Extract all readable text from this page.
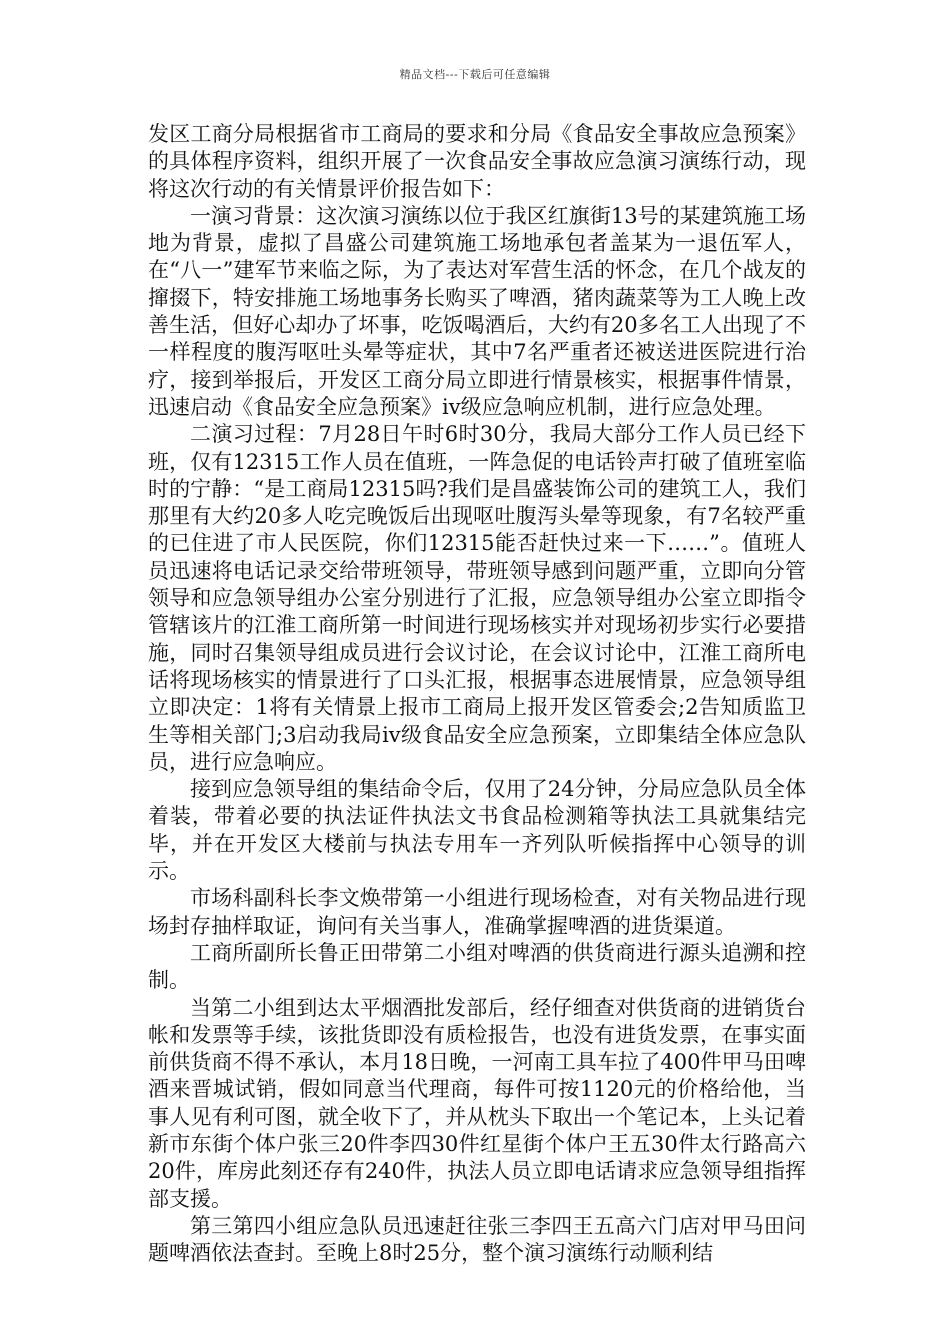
精品文档---下载后可任意编辑

发区工商分局根据省市工商局的要求和分局《食品安全事故应急预案》的具体程序资料，组织开展了一次食品安全事故应急演习演练行动，现将这次行动的有关情景评价报告如下：

一演习背景：这次演习演练以位于我区红旗街13号的某建筑施工场地为背景，虚拟了昌盛公司建筑施工场地承包者盖某为一退伍军人，在“八一”建军节来临之际，为了表达对军营生活的怀念，在几个战友的撺掇下，特安排施工场地事务长购买了啤酒，猪肉蔬菜等为工人晚上改善生活，但好心却办了坏事，吃饭喝酒后，大约有20多名工人出现了不一样程度的腹泻呕吐头晕等症状，其中7名严重者还被送进医院进行治疗，接到举报后，开发区工商分局立即进行情景核实，根据事件情景，迅速启动《食品安全应急预案》iv级应急响应机制，进行应急处理。

二演习过程：7月28日午时6时30分，我局大部分工作人员已经下班，仅有12315工作人员在值班，一阵急促的电话铃声打破了值班室临时的宁静：“是工商局12315吗?我们是昌盛装饰公司的建筑工人，我们那里有大约20多人吃完晚饭后出现呕吐腹泻头晕等现象，有7名较严重的已住进了市人民医院，你们12315能否赶快过来一下……”。值班人员迅速将电话记录交给带班领导，带班领导感到问题严重，立即向分管领导和应急领导组办公室分别进行了汇报，应急领导组办公室立即指令管辖该片的江淮工商所第一时间进行现场核实并对现场初步实行必要措施，同时召集领导组成员进行会议讨论，在会议讨论中，江淮工商所电话将现场核实的情景进行了口头汇报，根据事态进展情景，应急领导组立即决定：1将有关情景上报市工商局上报开发区管委会;2告知质监卫生等相关部门;3启动我局iv级食品安全应急预案，立即集结全体应急队员，进行应急响应。

接到应急领导组的集结命令后，仅用了24分钟，分局应急队员全体着装，带着必要的执法证件执法文书食品检测箱等执法工具就集结完毕，并在开发区大楼前与执法专用车一齐列队听候指挥中心领导的训示。

市场科副科长李文焕带第一小组进行现场检查，对有关物品进行现场封存抽样取证，询问有关当事人，准确掌握啤酒的进货渠道。

工商所副所长鲁正田带第二小组对啤酒的供货商进行源头追溯和控制。

当第二小组到达太平烟酒批发部后，经仔细查对供货商的进销货台帐和发票等手续，该批货即没有质检报告，也没有进货发票，在事实面前供货商不得不承认，本月18日晚，一河南工具车拉了400件甲马田啤酒来晋城试销，假如同意当代理商，每件可按1120元的价格给他，当事人见有利可图，就全收下了，并从枕头下取出一个笔记本，上头记着新市东街个体户张三20件李四30件红星街个体户王五30件太行路高六20件，库房此刻还存有240件，执法人员立即电话请求应急领导组指挥部支援。

第三第四小组应急队员迅速赶往张三李四王五高六门店对甲马田问题啤酒依法查封。至晚上8时25分，整个演习演练行动顺利结
